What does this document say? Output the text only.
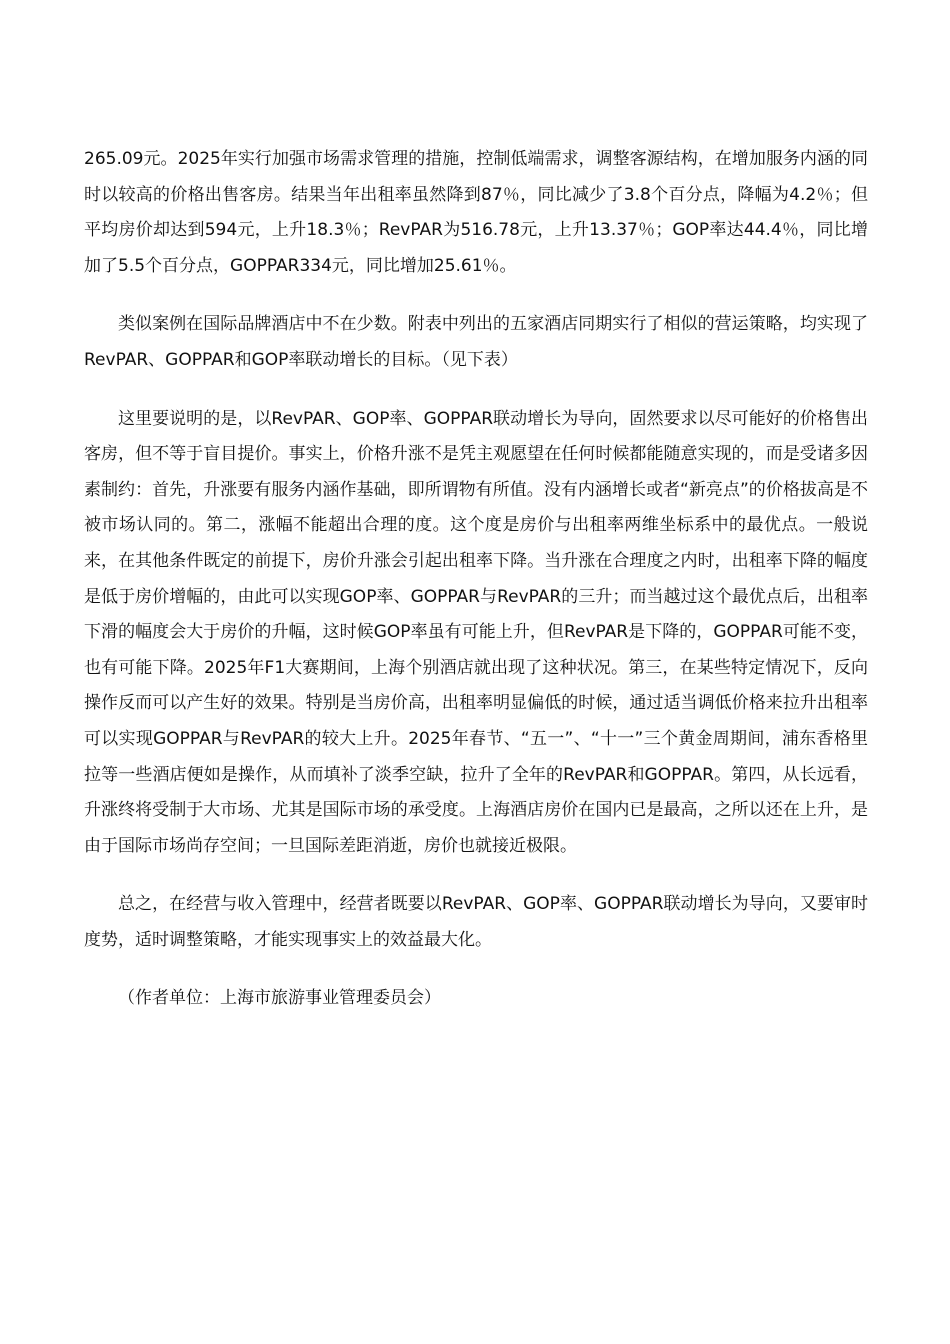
265.09元。2025年实行加强市场需求管理的措施，控制低端需求，调整客源结构，在增加服务内涵的同时以较高的价格出售客房。结果当年出租率虽然降到87％，同比减少了3.8个百分点，降幅为4.2％；但平均房价却达到594元，上升18.3％；RevPAR为516.78元，上升13.37％；GOP率达44.4％，同比增加了5.5个百分点，GOPPAR334元，同比增加25.61％。

类似案例在国际品牌酒店中不在少数。附表中列出的五家酒店同期实行了相似的营运策略，均实现了RevPAR、GOPPAR和GOP率联动增长的目标。（见下表）

这里要说明的是，以RevPAR、GOP率、GOPPAR联动增长为导向，固然要求以尽可能好的价格售出客房，但不等于盲目提价。事实上，价格升涨不是凭主观愿望在任何时候都能随意实现的，而是受诸多因素制约：首先，升涨要有服务内涵作基础，即所谓物有所值。没有内涵增长或者“新亮点”的价格拔高是不被市场认同的。第二，涨幅不能超出合理的度。这个度是房价与出租率两维坐标系中的最优点。一般说来，在其他条件既定的前提下，房价升涨会引起出租率下降。当升涨在合理度之内时，出租率下降的幅度是低于房价增幅的，由此可以实现GOP率、GOPPAR与RevPAR的三升；而当越过这个最优点后，出租率下滑的幅度会大于房价的升幅，这时候GOP率虽有可能上升，但RevPAR是下降的，GOPPAR可能不变，也有可能下降。2025年F1大赛期间，上海个别酒店就出现了这种状况。第三，在某些特定情况下，反向操作反而可以产生好的效果。特别是当房价高，出租率明显偏低的时候，通过适当调低价格来拉升出租率可以实现GOPPAR与RevPAR的较大上升。2025年春节、“五一”、“十一”三个黄金周期间，浦东香格里拉等一些酒店便如是操作，从而填补了淡季空缺，拉升了全年的RevPAR和GOPPAR。第四，从长远看，升涨终将受制于大市场、尤其是国际市场的承受度。上海酒店房价在国内已是最高，之所以还在上升，是由于国际市场尚存空间；一旦国际差距消逝，房价也就接近极限。

总之，在经营与收入管理中，经营者既要以RevPAR、GOP率、GOPPAR联动增长为导向，又要审时度势，适时调整策略，才能实现事实上的效益最大化。

（作者单位：上海市旅游事业管理委员会）
